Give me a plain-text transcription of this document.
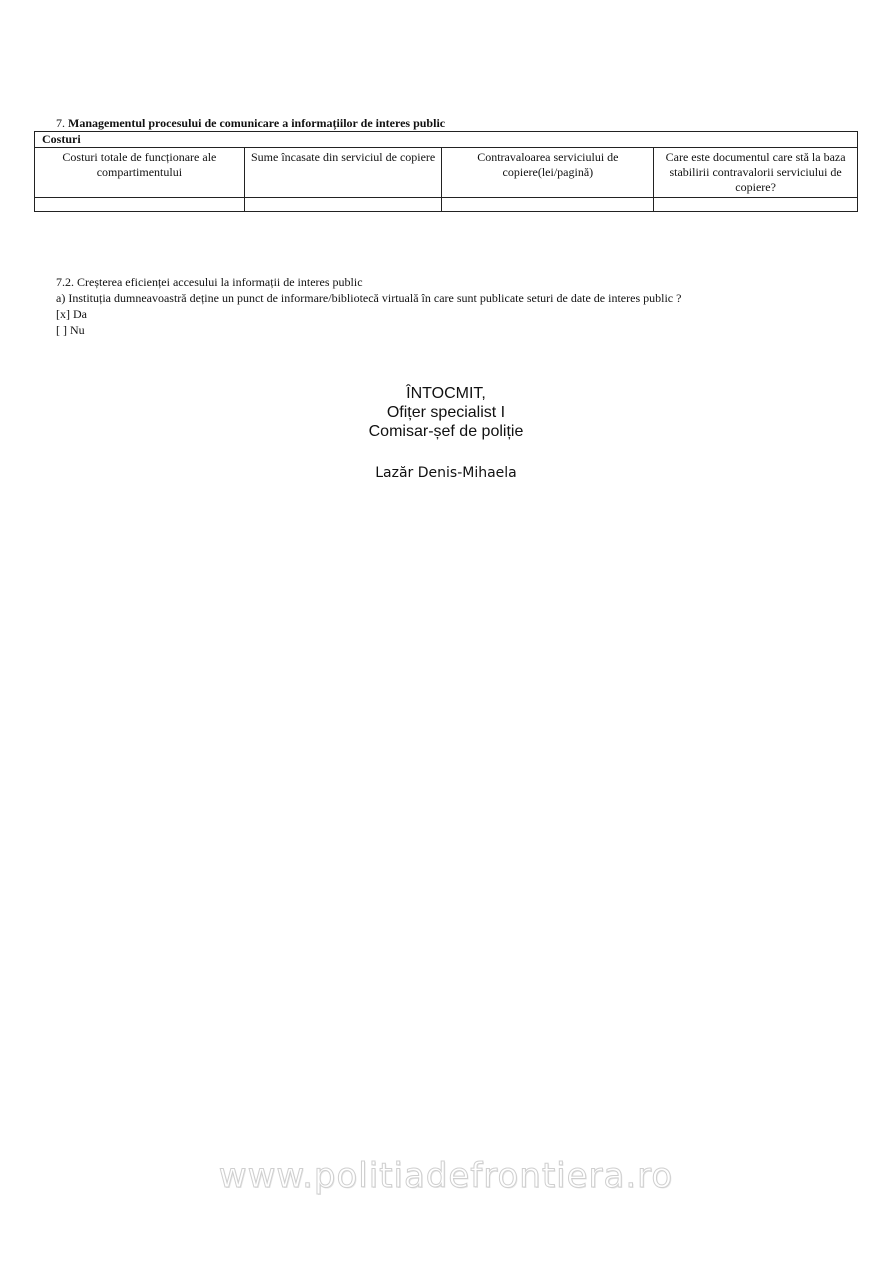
7. Managementul procesului de comunicare a informațiilor de interes public
Costuri			
Costuri totale de funcționare ale compartimentului	Sume încasate din serviciul de copiere	Contravaloarea serviciului de copiere(lei/pagină)	Care este documentul care stă la baza stabilirii contravalorii serviciului de copiere?

7.2. Creșterea eficienței accesului la informații de interes public
a) Instituția dumneavoastră deține un punct de informare/bibliotecă virtuală în care sunt publicate seturi de date de interes public ?
[x] Da
[ ] Nu
ÎNTOCMIT,
Ofițer specialist I
Comisar-șef de poliție
Lazăr Denis-Mihaela
www.politiadefrontiera.ro
